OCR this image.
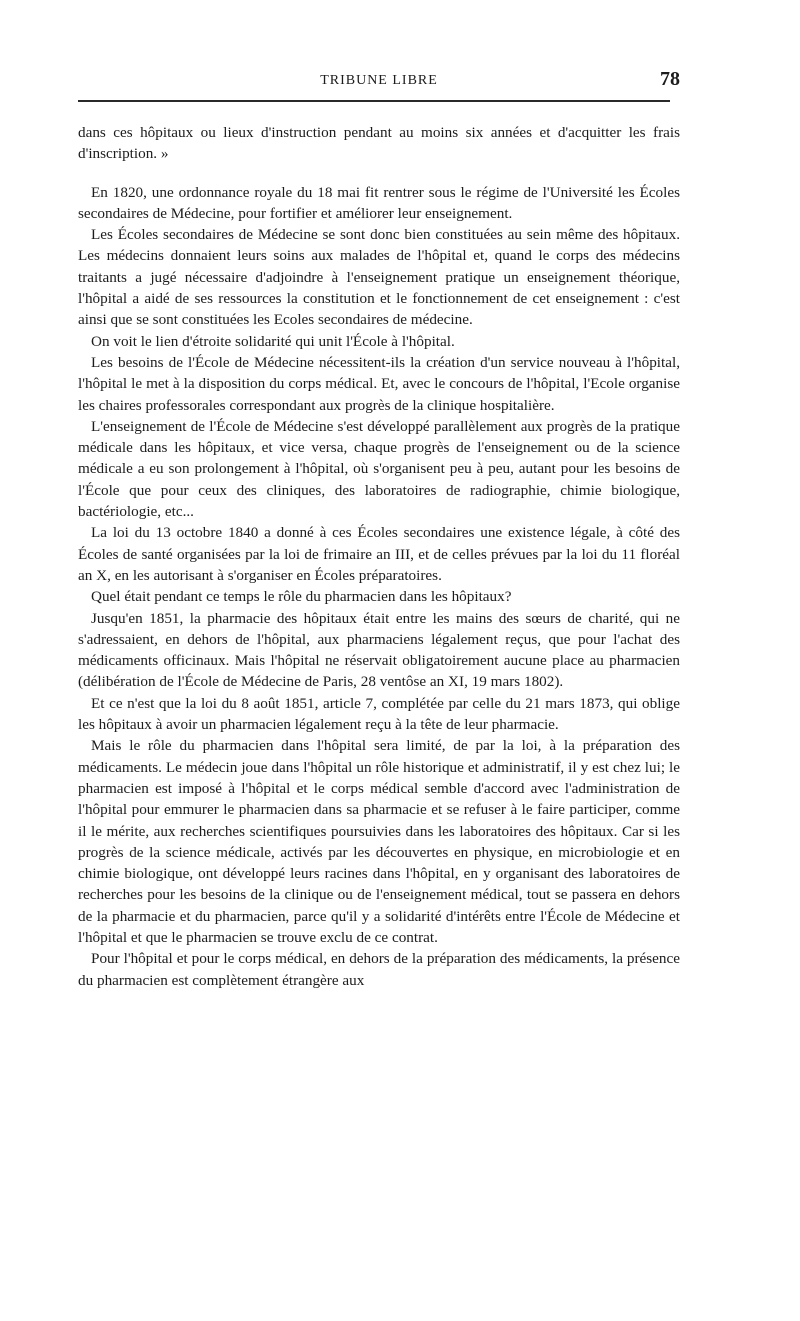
TRIBUNE LIBRE	78

dans ces hôpitaux ou lieux d'instruction pendant au moins six années et d'acquitter les frais d'inscription. »

En 1820, une ordonnance royale du 18 mai fit rentrer sous le régime de l'Université les Écoles secondaires de Médecine, pour fortifier et améliorer leur enseignement.

Les Écoles secondaires de Médecine se sont donc bien constituées au sein même des hôpitaux. Les médecins donnaient leurs soins aux malades de l'hôpital et, quand le corps des médecins traitants a jugé nécessaire d'adjoindre à l'enseignement pratique un enseignement théorique, l'hôpital a aidé de ses ressources la constitution et le fonctionnement de cet enseignement : c'est ainsi que se sont constituées les Ecoles secondaires de médecine.

On voit le lien d'étroite solidarité qui unit l'École à l'hôpital.

Les besoins de l'École de Médecine nécessitent-ils la création d'un service nouveau à l'hôpital, l'hôpital le met à la disposition du corps médical. Et, avec le concours de l'hôpital, l'Ecole organise les chaires professorales correspondant aux progrès de la clinique hospitalière.

L'enseignement de l'École de Médecine s'est développé parallèlement aux progrès de la pratique médicale dans les hôpitaux, et vice versa, chaque progrès de l'enseignement ou de la science médicale a eu son prolongement à l'hôpital, où s'organisent peu à peu, autant pour les besoins de l'École que pour ceux des cliniques, des laboratoires de radiographie, chimie biologique, bactériologie, etc...

La loi du 13 octobre 1840 a donné à ces Écoles secondaires une existence légale, à côté des Écoles de santé organisées par la loi de frimaire an III, et de celles prévues par la loi du 11 floréal an X, en les autorisant à s'organiser en Écoles préparatoires.

Quel était pendant ce temps le rôle du pharmacien dans les hôpitaux?

Jusqu'en 1851, la pharmacie des hôpitaux était entre les mains des sœurs de charité, qui ne s'adressaient, en dehors de l'hôpital, aux pharmaciens légalement reçus, que pour l'achat des médicaments officinaux. Mais l'hôpital ne réservait obligatoirement aucune place au pharmacien (délibération de l'École de Médecine de Paris, 28 ventôse an XI, 19 mars 1802).

Et ce n'est que la loi du 8 août 1851, article 7, complétée par celle du 21 mars 1873, qui oblige les hôpitaux à avoir un pharmacien légalement reçu à la tête de leur pharmacie.

Mais le rôle du pharmacien dans l'hôpital sera limité, de par la loi, à la préparation des médicaments. Le médecin joue dans l'hôpital un rôle historique et administratif, il y est chez lui; le pharmacien est imposé à l'hôpital et le corps médical semble d'accord avec l'administration de l'hôpital pour emmurer le pharmacien dans sa pharmacie et se refuser à le faire participer, comme il le mérite, aux recherches scientifiques poursuivies dans les laboratoires des hôpitaux. Car si les progrès de la science médicale, activés par les découvertes en physique, en microbiologie et en chimie biologique, ont développé leurs racines dans l'hôpital, en y organisant des laboratoires de recherches pour les besoins de la clinique ou de l'enseignement médical, tout se passera en dehors de la pharmacie et du pharmacien, parce qu'il y a solidarité d'intérêts entre l'École de Médecine et l'hôpital et que le pharmacien se trouve exclu de ce contrat.

Pour l'hôpital et pour le corps médical, en dehors de la préparation des médicaments, la présence du pharmacien est complètement étrangère aux
